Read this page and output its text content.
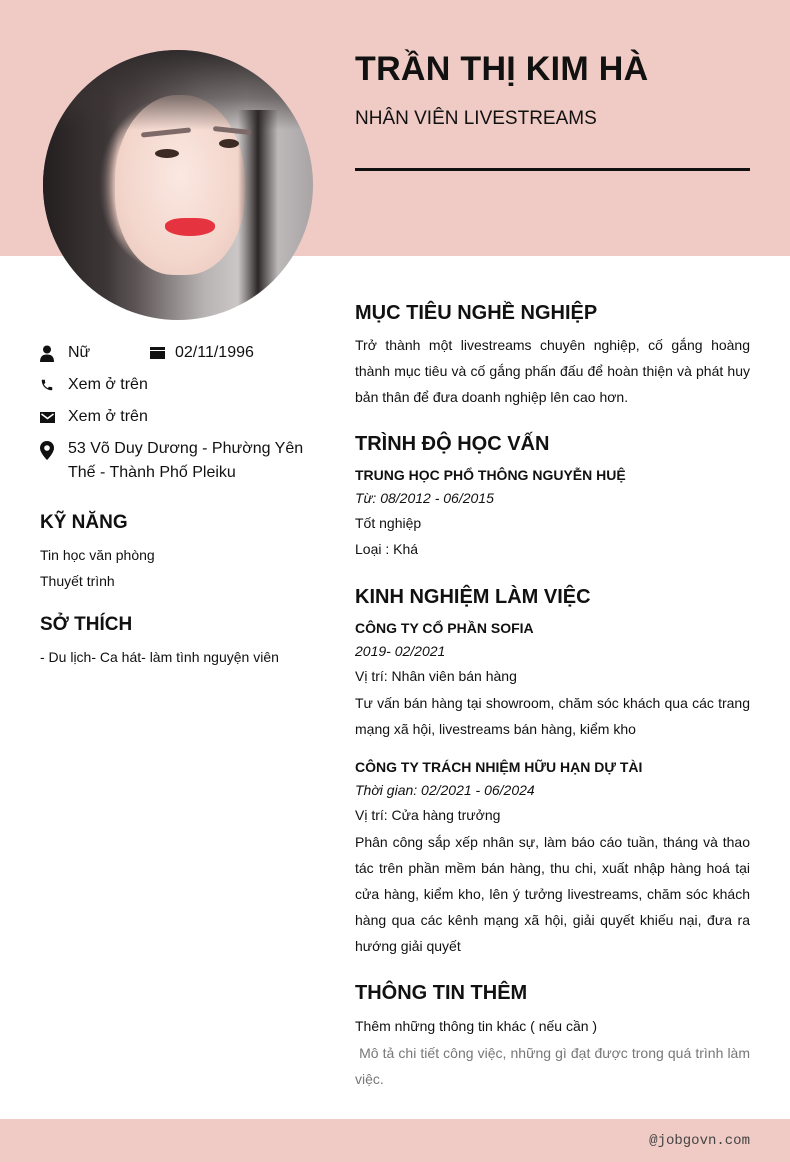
TRẦN THỊ KIM HÀ
NHÂN VIÊN LIVESTREAMS
Nữ	02/11/1996
Xem ở trên
Xem ở trên
53 Võ Duy Dương - Phường Yên
Thế - Thành Phố Pleiku
KỸ NĂNG
Tin học văn phòng
Thuyết trình
SỞ THÍCH
- Du lịch- Ca hát- làm tình nguyện viên
MỤC TIÊU NGHỀ NGHIỆP
Trở thành một livestreams chuyên nghiệp, cố gắng hoàng thành mục tiêu và cố gắng phấn đấu để hoàn thiện và phát huy bản thân để đưa doanh nghiệp lên cao hơn.
TRÌNH ĐỘ HỌC VẤN
TRUNG HỌC PHỔ THÔNG NGUYỄN HUỆ
Từ: 08/2012 - 06/2015
Tốt nghiệp
Loại : Khá
KINH NGHIỆM LÀM VIỆC
CÔNG TY CỔ PHẦN SOFIA
2019- 02/2021
Vị trí: Nhân viên bán hàng
Tư vấn bán hàng tại showroom, chăm sóc khách qua các trang mạng xã hội, livestreams bán hàng, kiểm kho
CÔNG TY TRÁCH NHIỆM HỮU HẠN DỰ TÀI
Thời gian: 02/2021 - 06/2024
Vị trí: Cửa hàng trưởng
Phân công sắp xếp nhân sự, làm báo cáo tuần, tháng và thao tác trên phần mềm bán hàng, thu chi, xuất nhập hàng hoá tại cửa hàng, kiểm kho, lên ý tưởng livestreams, chăm sóc khách hàng qua các kênh mạng xã hội, giải quyết khiếu nại, đưa ra hướng giải quyết
THÔNG TIN THÊM
Thêm những thông tin khác ( nếu cần )
Mô tả chi tiết công việc, những gì đạt được trong quá trình làm việc.
@jobgovn.com
